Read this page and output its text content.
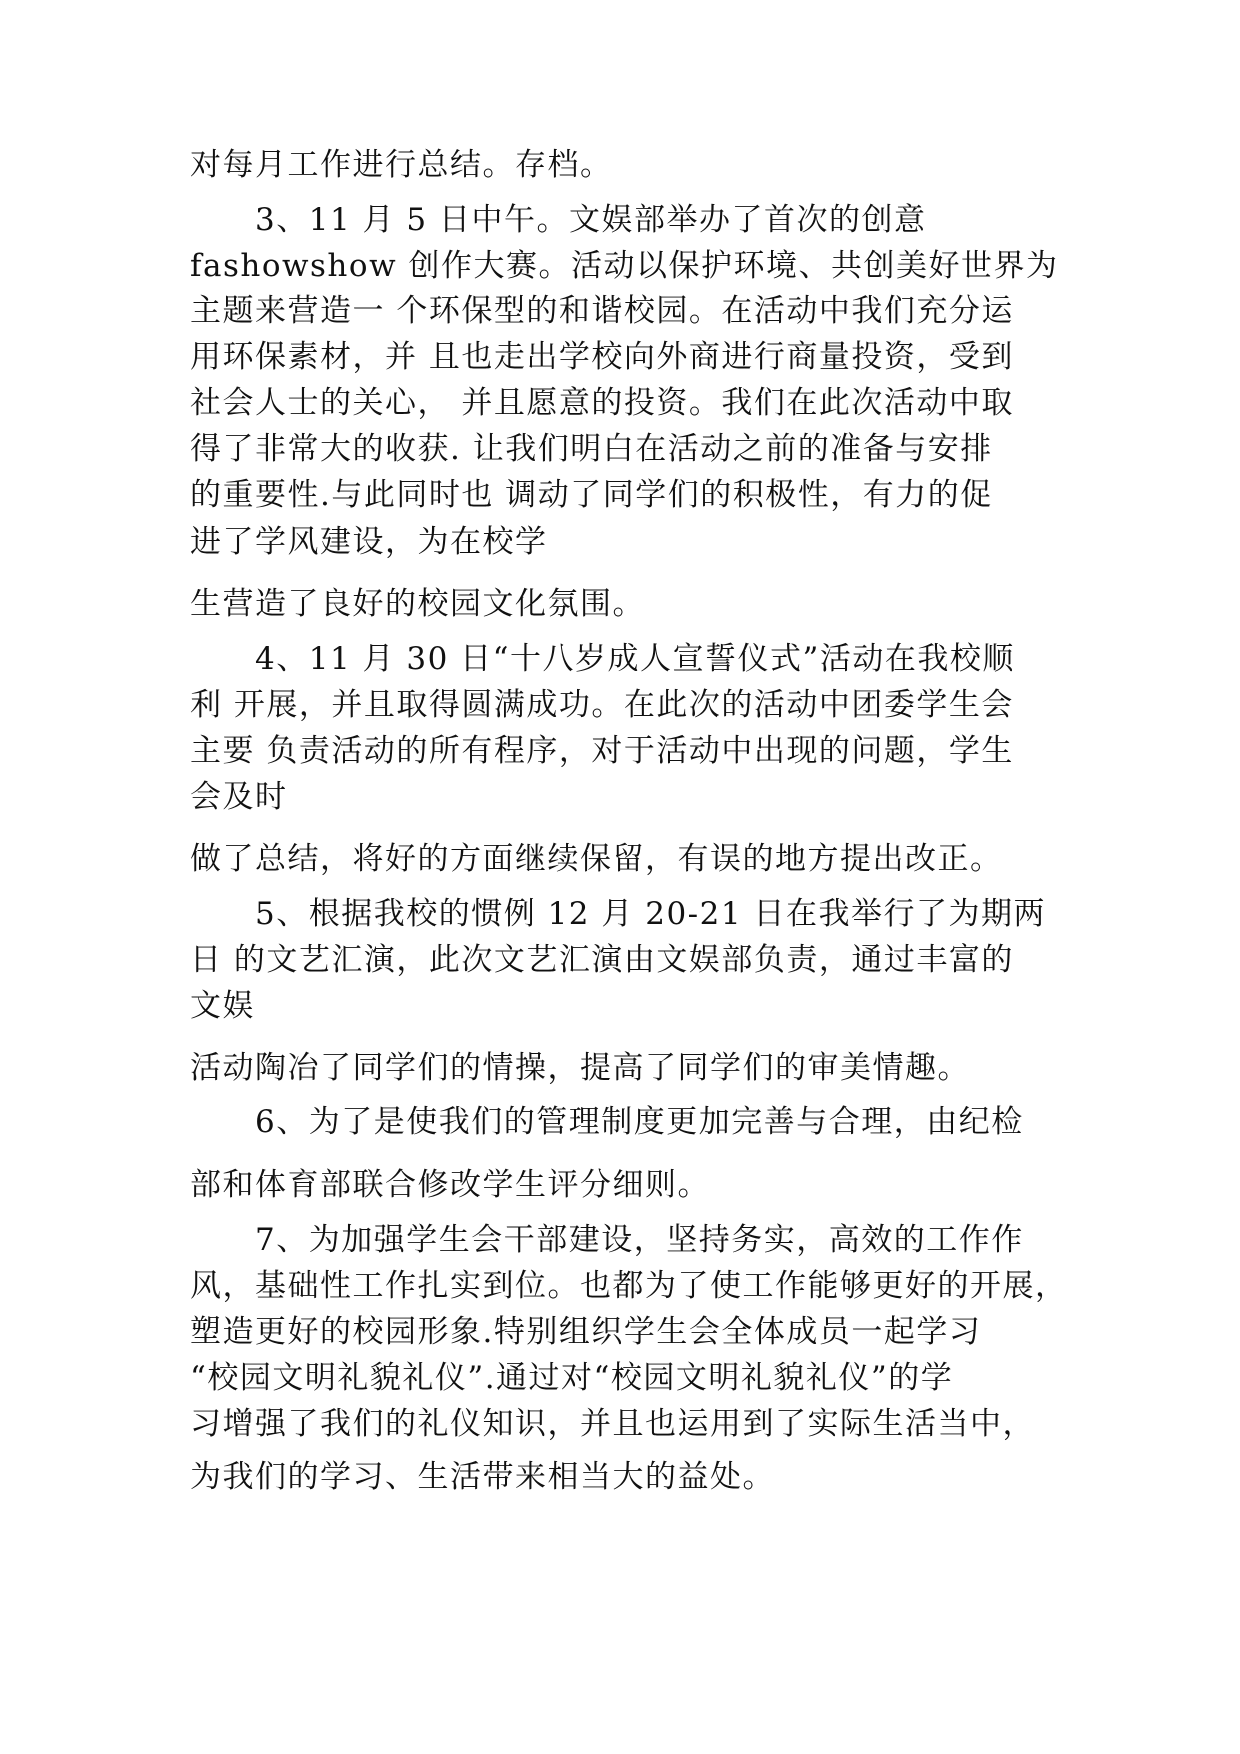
对每月工作进行总结。存档。
3、11 月 5 日中午。文娱部举办了首次的创意
fashowshow 创作大赛。活动以保护环境、共创美好世界为
主题来营造一 个环保型的和谐校园。在活动中我们充分运
用环保素材，并 且也走出学校向外商进行商量投资，受到
社会人士的关心， 并且愿意的投资。我们在此次活动中取
得了非常大的收获. 让我们明白在活动之前的准备与安排
的重要性.与此同时也 调动了同学们的积极性，有力的促
进了学风建设，为在校学
生营造了良好的校园文化氛围。
4、11 月 30 日“十八岁成人宣誓仪式”活动在我校顺
利 开展，并且取得圆满成功。在此次的活动中团委学生会
主要 负责活动的所有程序，对于活动中出现的问题，学生
会及时
做了总结，将好的方面继续保留，有误的地方提出改正。
5、根据我校的惯例 12 月 20-21 日在我举行了为期两
日 的文艺汇演，此次文艺汇演由文娱部负责，通过丰富的
文娱
活动陶冶了同学们的情操，提高了同学们的审美情趣。
6、为了是使我们的管理制度更加完善与合理，由纪检
部和体育部联合修改学生评分细则。
7、为加强学生会干部建设，坚持务实，高效的工作作
风，基础性工作扎实到位。也都为了使工作能够更好的开展，
塑造更好的校园形象.特别组织学生会全体成员一起学习
“校园文明礼貌礼仪”.通过对“校园文明礼貌礼仪”的学
习增强了我们的礼仪知识，并且也运用到了实际生活当中，
为我们的学习、生活带来相当大的益处。
